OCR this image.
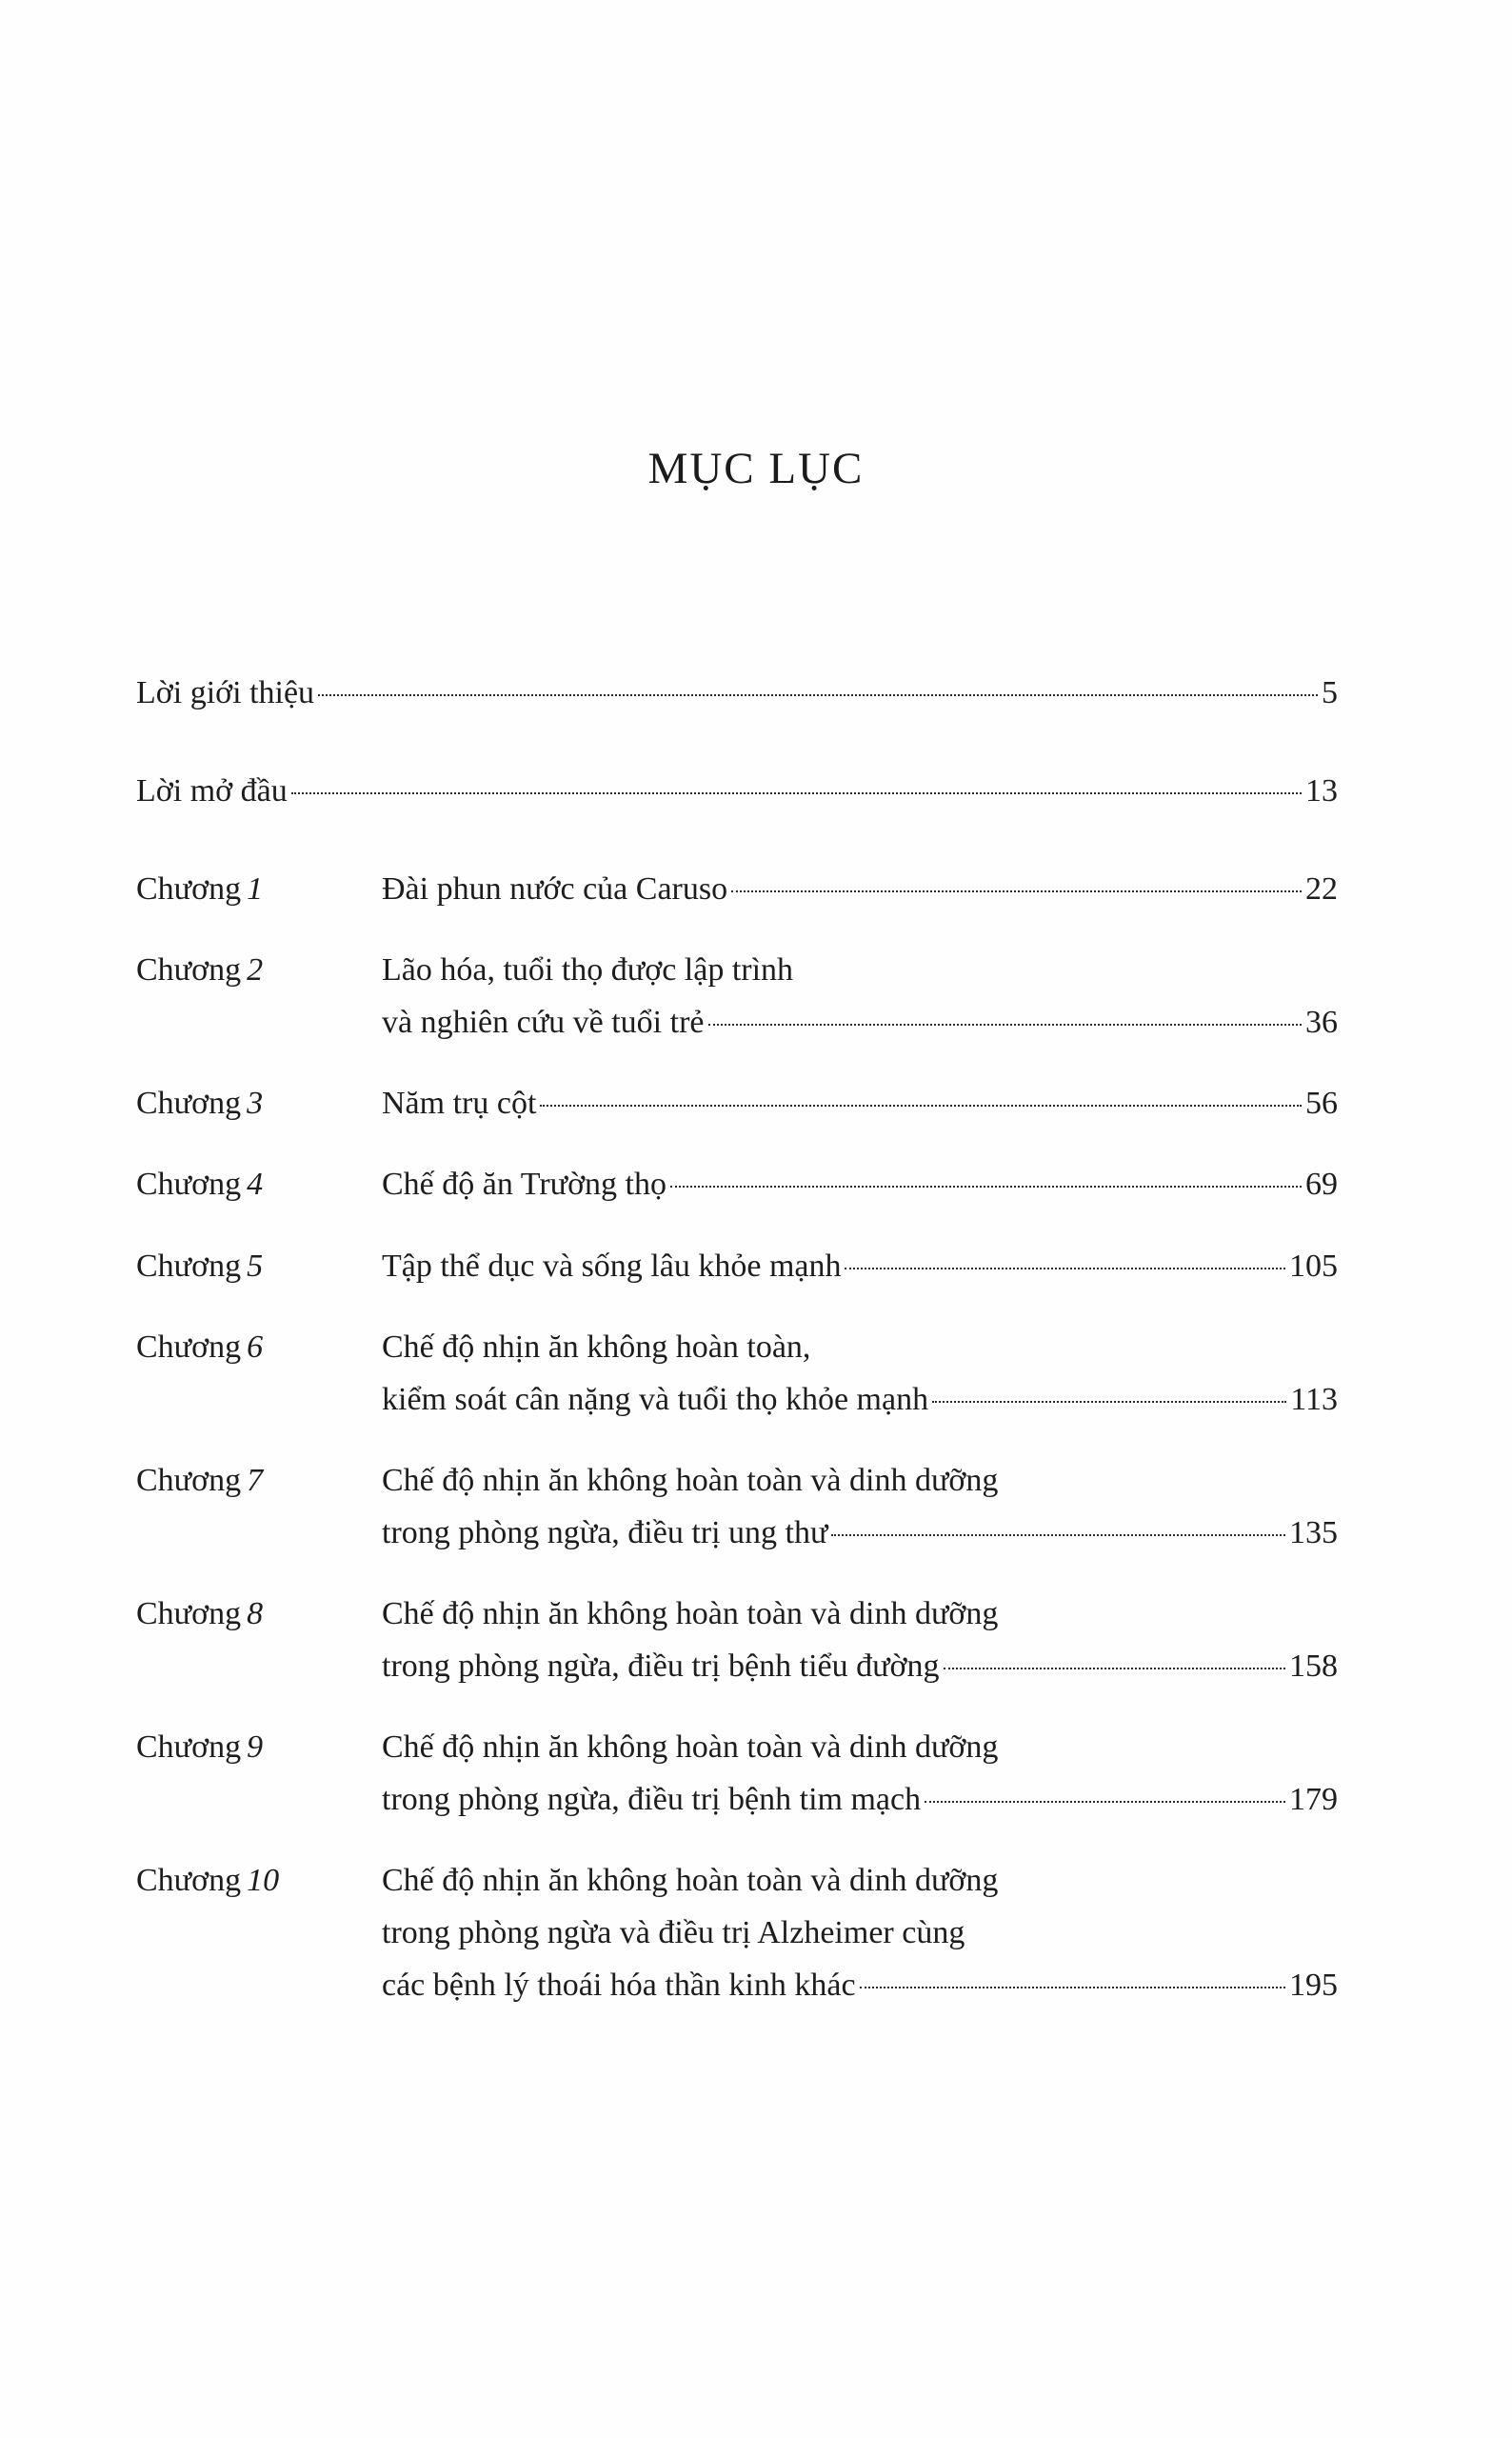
MỤC LỤC
Lời giới thiệu	5
Lời mở đầu	13
Chương 1	Đài phun nước của Caruso	22
Chương 2	Lão hóa, tuổi thọ được lập trình
và nghiên cứu về tuổi trẻ	36
Chương 3	Năm trụ cột	56
Chương 4	Chế độ ăn Trường thọ	69
Chương 5	Tập thể dục và sống lâu khỏe mạnh	105
Chương 6	Chế độ nhịn ăn không hoàn toàn,
kiểm soát cân nặng và tuổi thọ khỏe mạnh	113
Chương 7	Chế độ nhịn ăn không hoàn toàn và dinh dưỡng
trong phòng ngừa, điều trị ung thư	135
Chương 8	Chế độ nhịn ăn không hoàn toàn và dinh dưỡng
trong phòng ngừa, điều trị bệnh tiểu đường	158
Chương 9	Chế độ nhịn ăn không hoàn toàn và dinh dưỡng
trong phòng ngừa, điều trị bệnh tim mạch	179
Chương 10	Chế độ nhịn ăn không hoàn toàn và dinh dưỡng
trong phòng ngừa và điều trị Alzheimer cùng
các bệnh lý thoái hóa thần kinh khác	195
